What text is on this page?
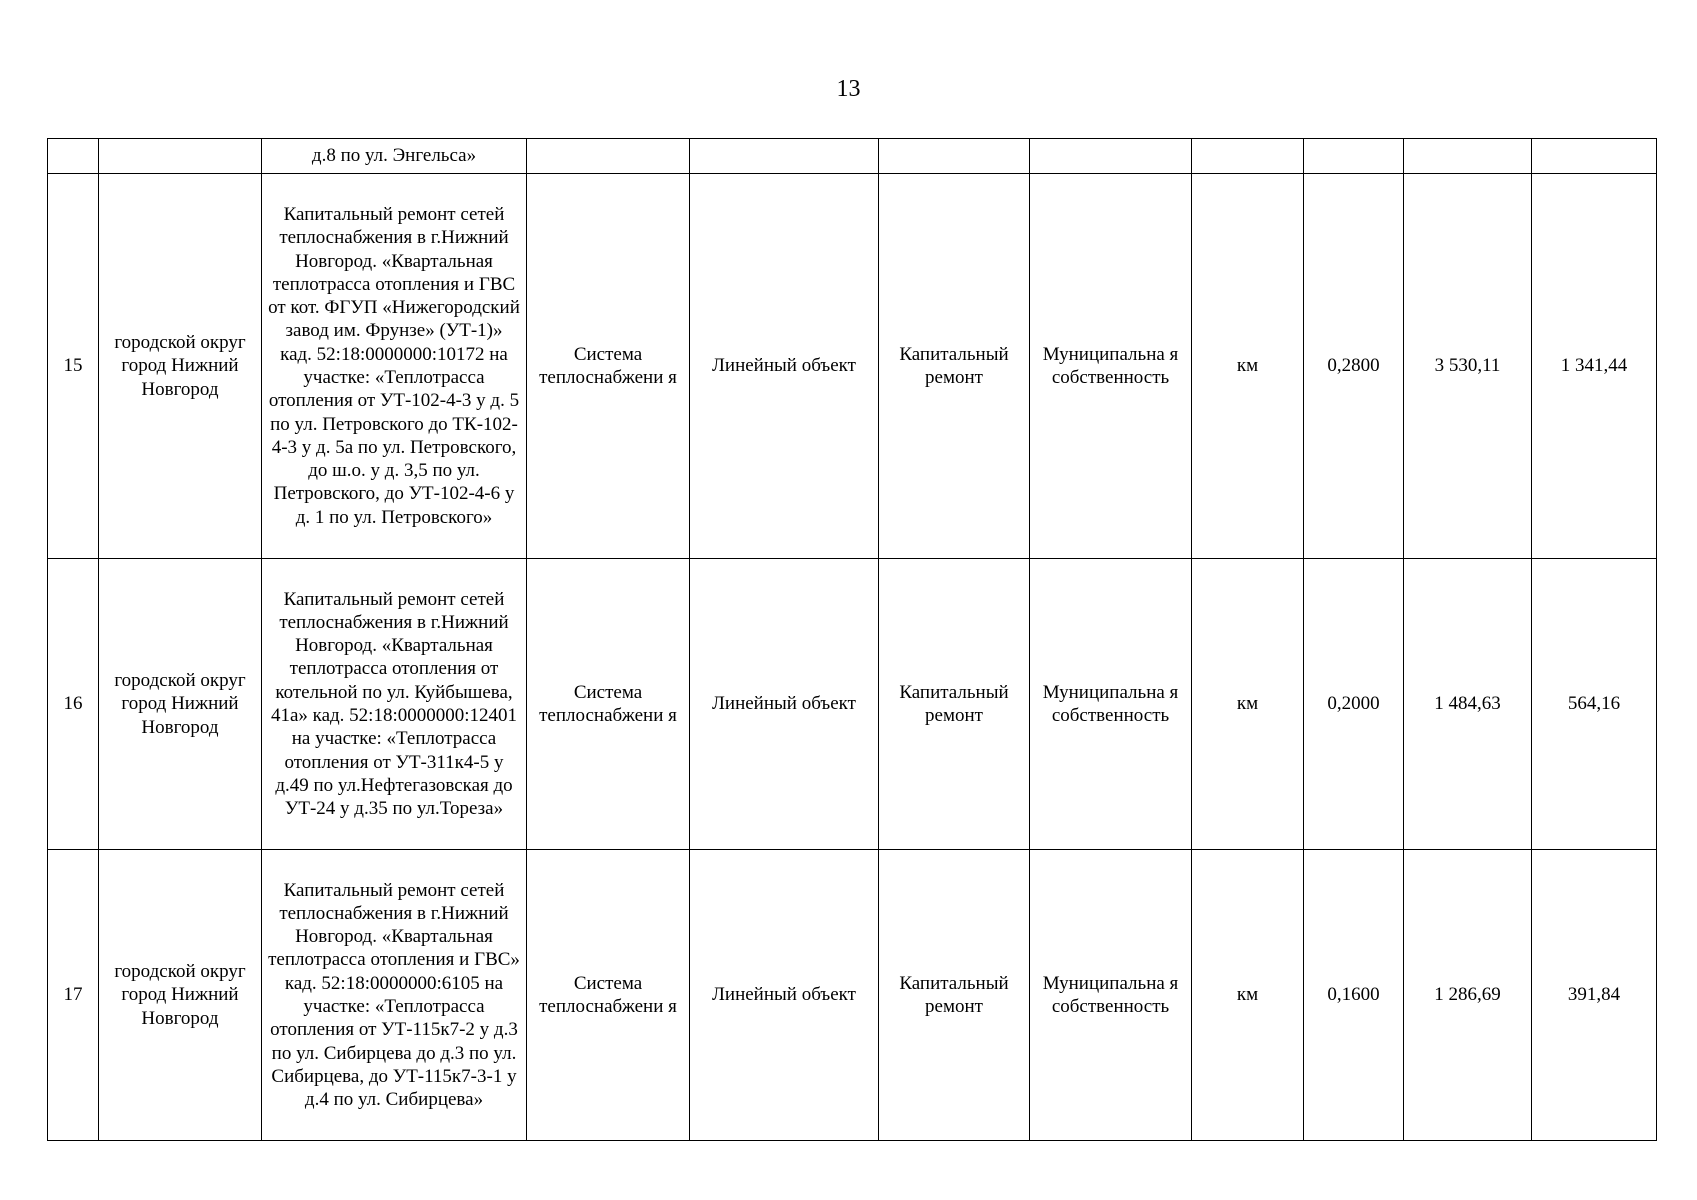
13
		д.8 по ул. Энгельса»								
15	городской округ город Нижний Новгород	Капитальный ремонт сетей теплоснабжения в г.Нижний Новгород. «Квартальная теплотрасса отопления и ГВС от кот. ФГУП «Нижегородский завод им. Фрунзе» (УТ-1)» кад. 52:18:0000000:10172 на участке: «Теплотрасса отопления от УТ-102-4-3 у д. 5 по ул. Петровского до ТК-102-4-3 у д. 5а по ул. Петровского, до ш.о. у д. 3,5 по ул. Петровского, до УТ-102-4-6 у д. 1 по ул. Петровского»	Система теплоснабжени я	Линейный объект	Капитальный ремонт	Муниципальна я собственность	км	0,2800	3 530,11	1 341,44
16	городской округ город Нижний Новгород	Капитальный ремонт сетей теплоснабжения в г.Нижний Новгород. «Квартальная теплотрасса отопления от котельной по ул. Куйбышева, 41а» кад. 52:18:0000000:12401 на участке: «Теплотрасса отопления от УТ-311к4-5 у д.49 по ул.Нефтегазовская до УТ-24 у д.35 по ул.Тореза»	Система теплоснабжени я	Линейный объект	Капитальный ремонт	Муниципальна я собственность	км	0,2000	1 484,63	564,16
17	городской округ город Нижний Новгород	Капитальный ремонт сетей теплоснабжения в г.Нижний Новгород. «Квартальная теплотрасса отопления и ГВС» кад. 52:18:0000000:6105 на участке: «Теплотрасса отопления от УТ-115к7-2 у д.3 по ул. Сибирцева до д.3 по ул. Сибирцева, до УТ-115к7-3-1 у д.4 по ул. Сибирцева»	Система теплоснабжени я	Линейный объект	Капитальный ремонт	Муниципальна я собственность	км	0,1600	1 286,69	391,84
